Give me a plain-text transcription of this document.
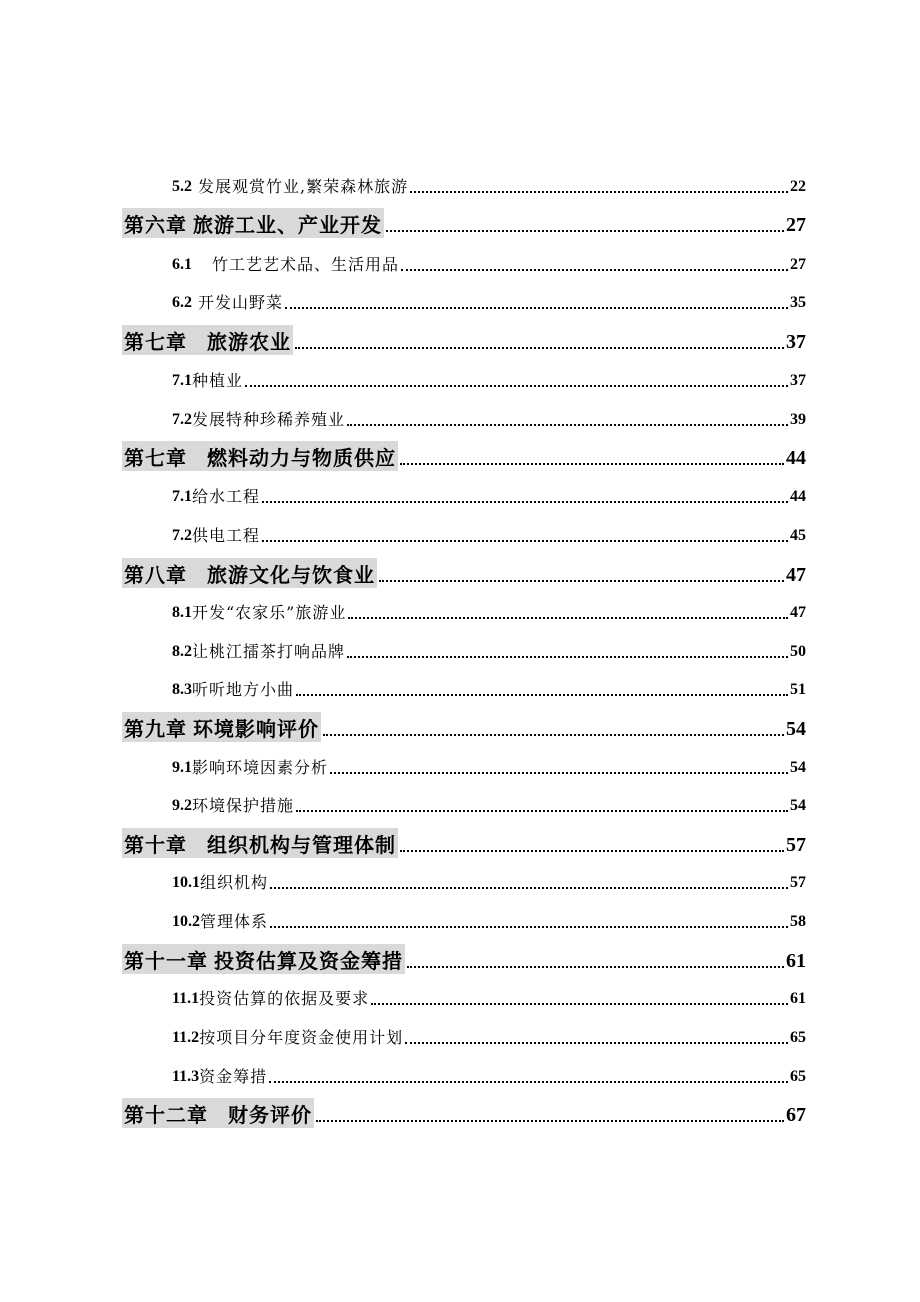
5.2 发展观赏竹业,繁荣森林旅游	22
第六章 旅游工业、产业开发	27
6.1 竹工艺艺术品、生活用品	27
6.2 开发山野菜	35
第七章 旅游农业	37
7.1 种植业	37
7.2 发展特种珍稀养殖业	39
第七章 燃料动力与物质供应	44
7.1 给水工程	44
7.2 供电工程	45
第八章 旅游文化与饮食业	47
8.1 开发“农家乐”旅游业	47
8.2 让桃江擂茶打响品牌	50
8.3 听听地方小曲	51
第九章 环境影响评价	54
9.1 影响环境因素分析	54
9.2 环境保护措施	54
第十章 组织机构与管理体制	57
10.1 组织机构	57
10.2 管理体系	58
第十一章 投资估算及资金筹措	61
11.1 投资估算的依据及要求	61
11.2 按项目分年度资金使用计划	65
11.3 资金筹措	65
第十二章 财务评价	67
